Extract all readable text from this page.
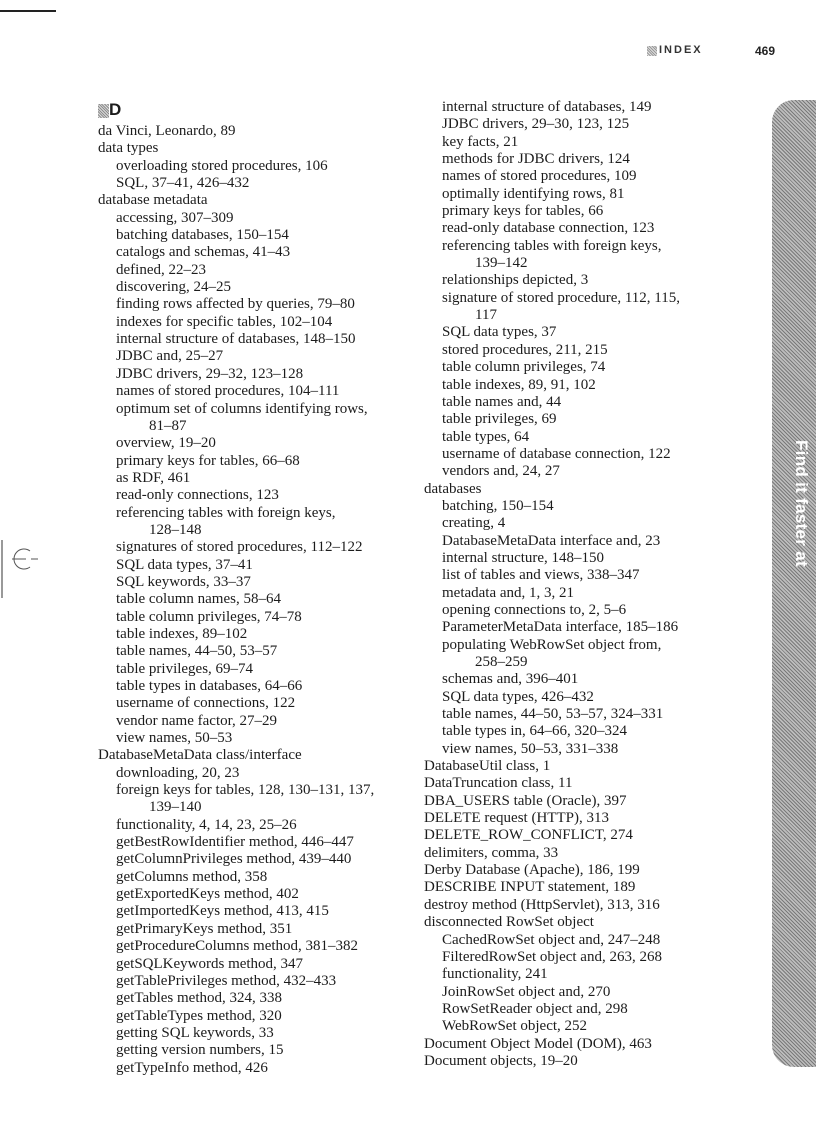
INDEX	469
D
da Vinci, Leonardo, 89
data types
overloading stored procedures, 106
SQL, 37–41, 426–432
database metadata
accessing, 307–309
batching databases, 150–154
catalogs and schemas, 41–43
defined, 22–23
discovering, 24–25
finding rows affected by queries, 79–80
indexes for specific tables, 102–104
internal structure of databases, 148–150
JDBC and, 25–27
JDBC drivers, 29–32, 123–128
names of stored procedures, 104–111
optimum set of columns identifying rows,
81–87
overview, 19–20
primary keys for tables, 66–68
as RDF, 461
read-only connections, 123
referencing tables with foreign keys,
128–148
signatures of stored procedures, 112–122
SQL data types, 37–41
SQL keywords, 33–37
table column names, 58–64
table column privileges, 74–78
table indexes, 89–102
table names, 44–50, 53–57
table privileges, 69–74
table types in databases, 64–66
username of connections, 122
vendor name factor, 27–29
view names, 50–53
DatabaseMetaData class/interface
downloading, 20, 23
foreign keys for tables, 128, 130–131, 137,
139–140
functionality, 4, 14, 23, 25–26
getBestRowIdentifier method, 446–447
getColumnPrivileges method, 439–440
getColumns method, 358
getExportedKeys method, 402
getImportedKeys method, 413, 415
getPrimaryKeys method, 351
getProcedureColumns method, 381–382
getSQLKeywords method, 347
getTablePrivileges method, 432–433
getTables method, 324, 338
getTableTypes method, 320
getting SQL keywords, 33
getting version numbers, 15
getTypeInfo method, 426
internal structure of databases, 149
JDBC drivers, 29–30, 123, 125
key facts, 21
methods for JDBC drivers, 124
names of stored procedures, 109
optimally identifying rows, 81
primary keys for tables, 66
read-only database connection, 123
referencing tables with foreign keys,
139–142
relationships depicted, 3
signature of stored procedure, 112, 115,
117
SQL data types, 37
stored procedures, 211, 215
table column privileges, 74
table indexes, 89, 91, 102
table names and, 44
table privileges, 69
table types, 64
username of database connection, 122
vendors and, 24, 27
databases
batching, 150–154
creating, 4
DatabaseMetaData interface and, 23
internal structure, 148–150
list of tables and views, 338–347
metadata and, 1, 3, 21
opening connections to, 2, 5–6
ParameterMetaData interface, 185–186
populating WebRowSet object from,
258–259
schemas and, 396–401
SQL data types, 426–432
table names, 44–50, 53–57, 324–331
table types in, 64–66, 320–324
view names, 50–53, 331–338
DatabaseUtil class, 1
DataTruncation class, 11
DBA_USERS table (Oracle), 397
DELETE request (HTTP), 313
DELETE_ROW_CONFLICT, 274
delimiters, comma, 33
Derby Database (Apache), 186, 199
DESCRIBE INPUT statement, 189
destroy method (HttpServlet), 313, 316
disconnected RowSet object
CachedRowSet object and, 247–248
FilteredRowSet object and, 263, 268
functionality, 241
JoinRowSet object and, 270
RowSetReader object and, 298
WebRowSet object, 252
Document Object Model (DOM), 463
Document objects, 19–20
Find it faster at http://superindex.apress.com/
